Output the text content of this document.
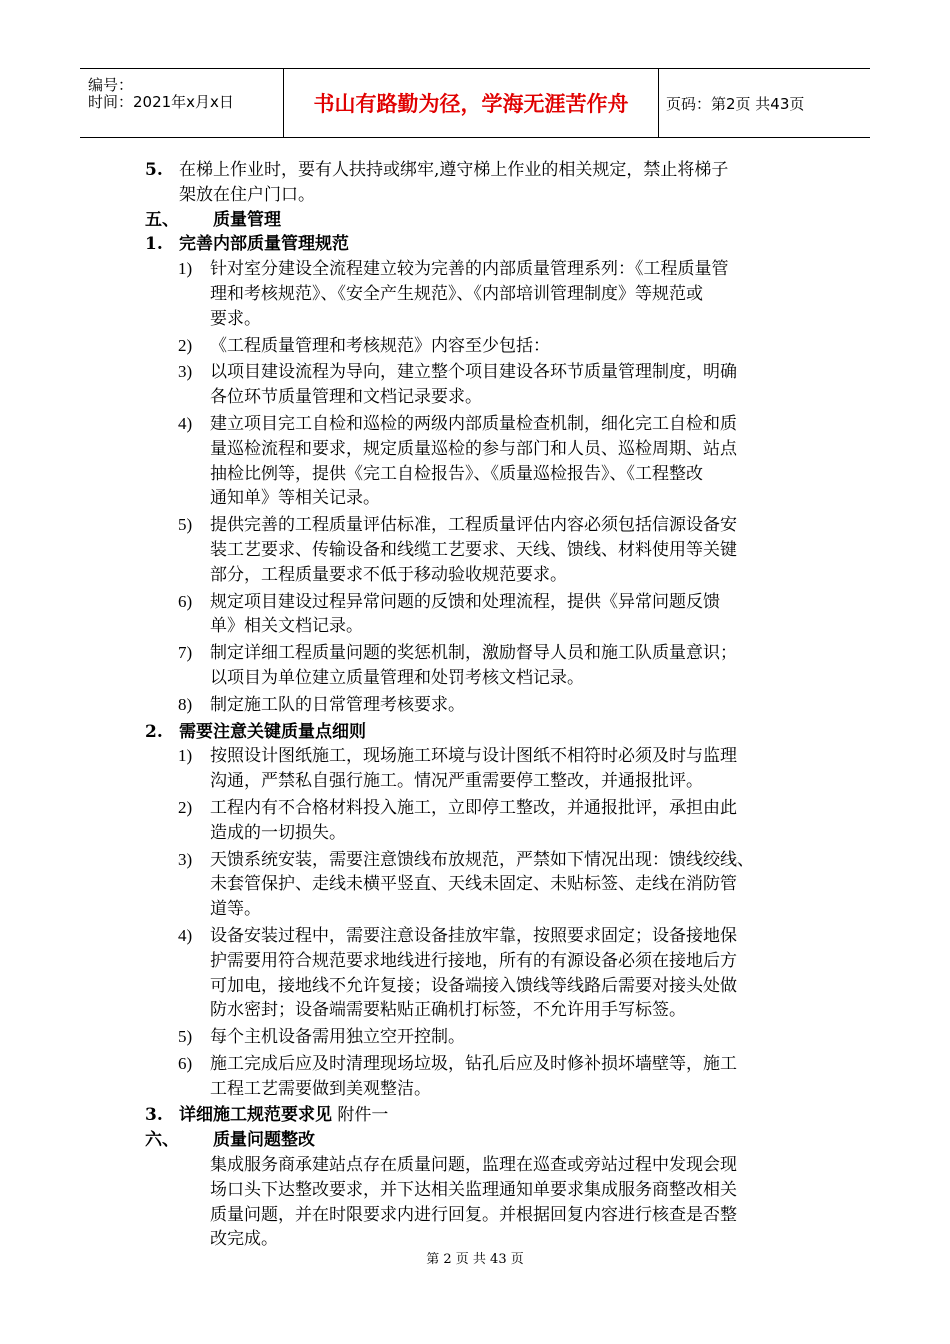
编号：
时间：2021年x月x日	书山有路勤为径，学海无涯苦作舟	页码：第2页 共43页
5. 在梯上作业时，要有人扶持或绑牢,遵守梯上作业的相关规定，禁止将梯子
架放在住户门口。
五、 质量管理
1. 完善内部质量管理规范
1) 针对室分建设全流程建立较为完善的内部质量管理系列：《工程质量管
理和考核规范》、《安全产生规范》、《内部培训管理制度》等规范或
要求。
2) 《工程质量管理和考核规范》内容至少包括：
3) 以项目建设流程为导向，建立整个项目建设各环节质量管理制度，明确
各位环节质量管理和文档记录要求。
4) 建立项目完工自检和巡检的两级内部质量检查机制，细化完工自检和质
量巡检流程和要求，规定质量巡检的参与部门和人员、巡检周期、站点
抽检比例等，提供《完工自检报告》、《质量巡检报告》、《工程整改
通知单》等相关记录。
5) 提供完善的工程质量评估标准，工程质量评估内容必须包括信源设备安
装工艺要求、传输设备和线缆工艺要求、天线、馈线、材料使用等关键
部分，工程质量要求不低于移动验收规范要求。
6) 规定项目建设过程异常问题的反馈和处理流程，提供《异常问题反馈
单》相关文档记录。
7) 制定详细工程质量问题的奖惩机制，激励督导人员和施工队质量意识；
以项目为单位建立质量管理和处罚考核文档记录。
8) 制定施工队的日常管理考核要求。
2. 需要注意关键质量点细则
1) 按照设计图纸施工，现场施工环境与设计图纸不相符时必须及时与监理
沟通，严禁私自强行施工。情况严重需要停工整改，并通报批评。
2) 工程内有不合格材料投入施工，立即停工整改，并通报批评，承担由此
造成的一切损失。
3) 天馈系统安装，需要注意馈线布放规范，严禁如下情况出现：馈线绞线、
未套管保护、走线未横平竖直、天线未固定、未贴标签、走线在消防管
道等。
4) 设备安装过程中，需要注意设备挂放牢靠，按照要求固定；设备接地保
护需要用符合规范要求地线进行接地，所有的有源设备必须在接地后方
可加电，接地线不允许复接；设备端接入馈线等线路后需要对接头处做
防水密封；设备端需要粘贴正确机打标签，不允许用手写标签。
5) 每个主机设备需用独立空开控制。
6) 施工完成后应及时清理现场垃圾，钻孔后应及时修补损坏墙壁等，施工
工程工艺需要做到美观整洁。
3. 详细施工规范要求见 附件一
六、 质量问题整改
集成服务商承建站点存在质量问题，监理在巡查或旁站过程中发现会现
场口头下达整改要求，并下达相关监理通知单要求集成服务商整改相关
质量问题，并在时限要求内进行回复。并根据回复内容进行核查是否整
改完成。
第 2 页 共 43 页
